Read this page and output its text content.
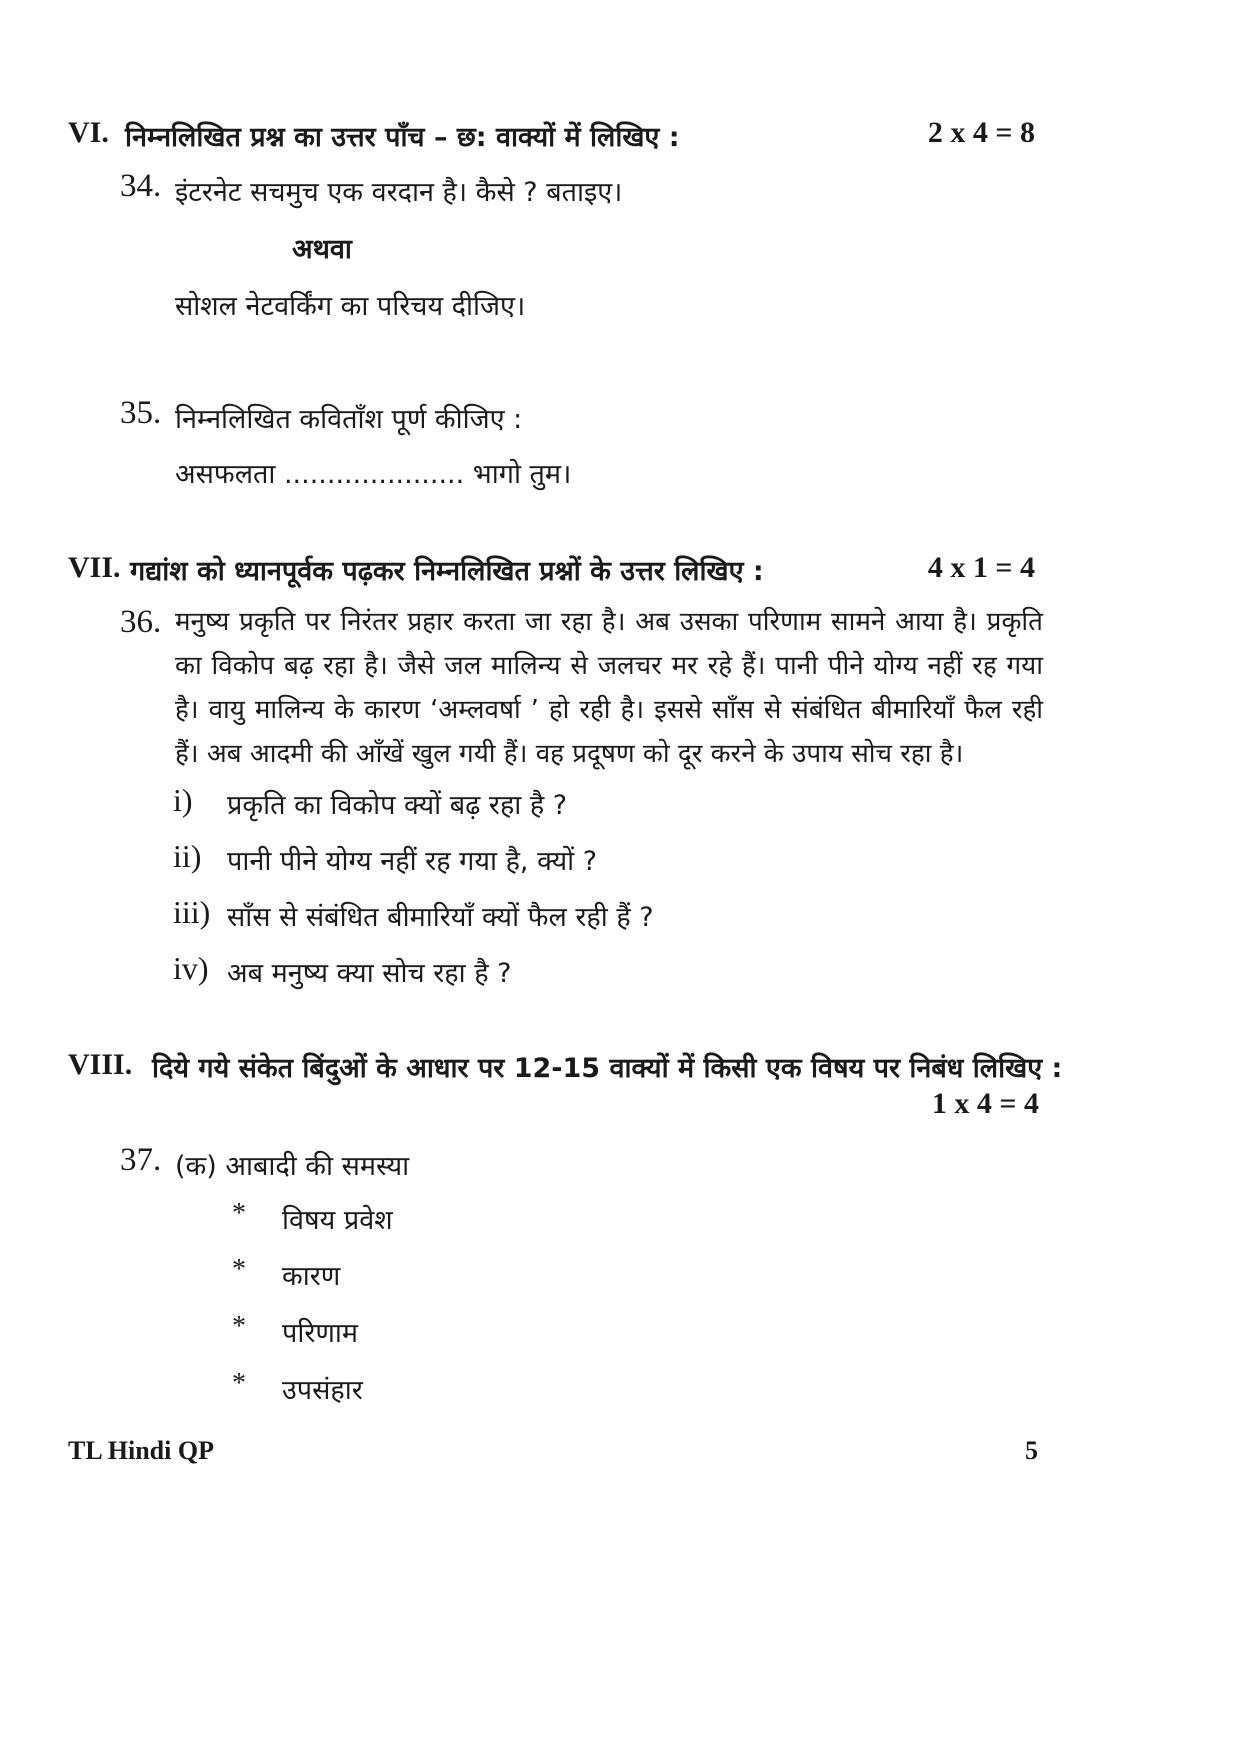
VI. निम्नलिखित प्रश्न का उत्तर पाँच – छ: वाक्यों में लिखिए :	2 x 4 = 8
34. इंटरनेट सचमुच एक वरदान है। कैसे ? बताइए।
अथवा
सोशल नेटवर्किंग का परिचय दीजिए।
35. निम्नलिखित कविताँश पूर्ण कीजिए :
असफलता ..................... भागो तुम।
VII. गद्यांश को ध्यानपूर्वक पढ़कर निम्नलिखित प्रश्नों के उत्तर लिखिए :	4 x 1 = 4
36. मनुष्य प्रकृति पर निरंतर प्रहार करता जा रहा है। अब उसका परिणाम सामने आया है। प्रकृति का विकोप बढ़ रहा है। जैसे जल मालिन्य से जलचर मर रहे हैं। पानी पीने योग्य नहीं रह गया है। वायु मालिन्य के कारण ‘अम्लवर्षा ’ हो रही है। इससे साँस से संबंधित बीमारियाँ फैल रही हैं। अब आदमी की आँखें खुल गयी हैं। वह प्रदूषण को दूर करने के उपाय सोच रहा है।
i) प्रकृति का विकोप क्यों बढ़ रहा है ?
ii) पानी पीने योग्य नहीं रह गया है, क्यों ?
iii) साँस से संबंधित बीमारियाँ क्यों फैल रही हैं ?
iv) अब मनुष्य क्या सोच रहा है ?
VIII. दिये गये संकेत बिंदुओं के आधार पर 12-15 वाक्यों में किसी एक विषय पर निबंध लिखिए :
1 x 4 = 4
37. (क) आबादी की समस्या
* विषय प्रवेश
* कारण
* परिणाम
* उपसंहार
TL Hindi QP	5
